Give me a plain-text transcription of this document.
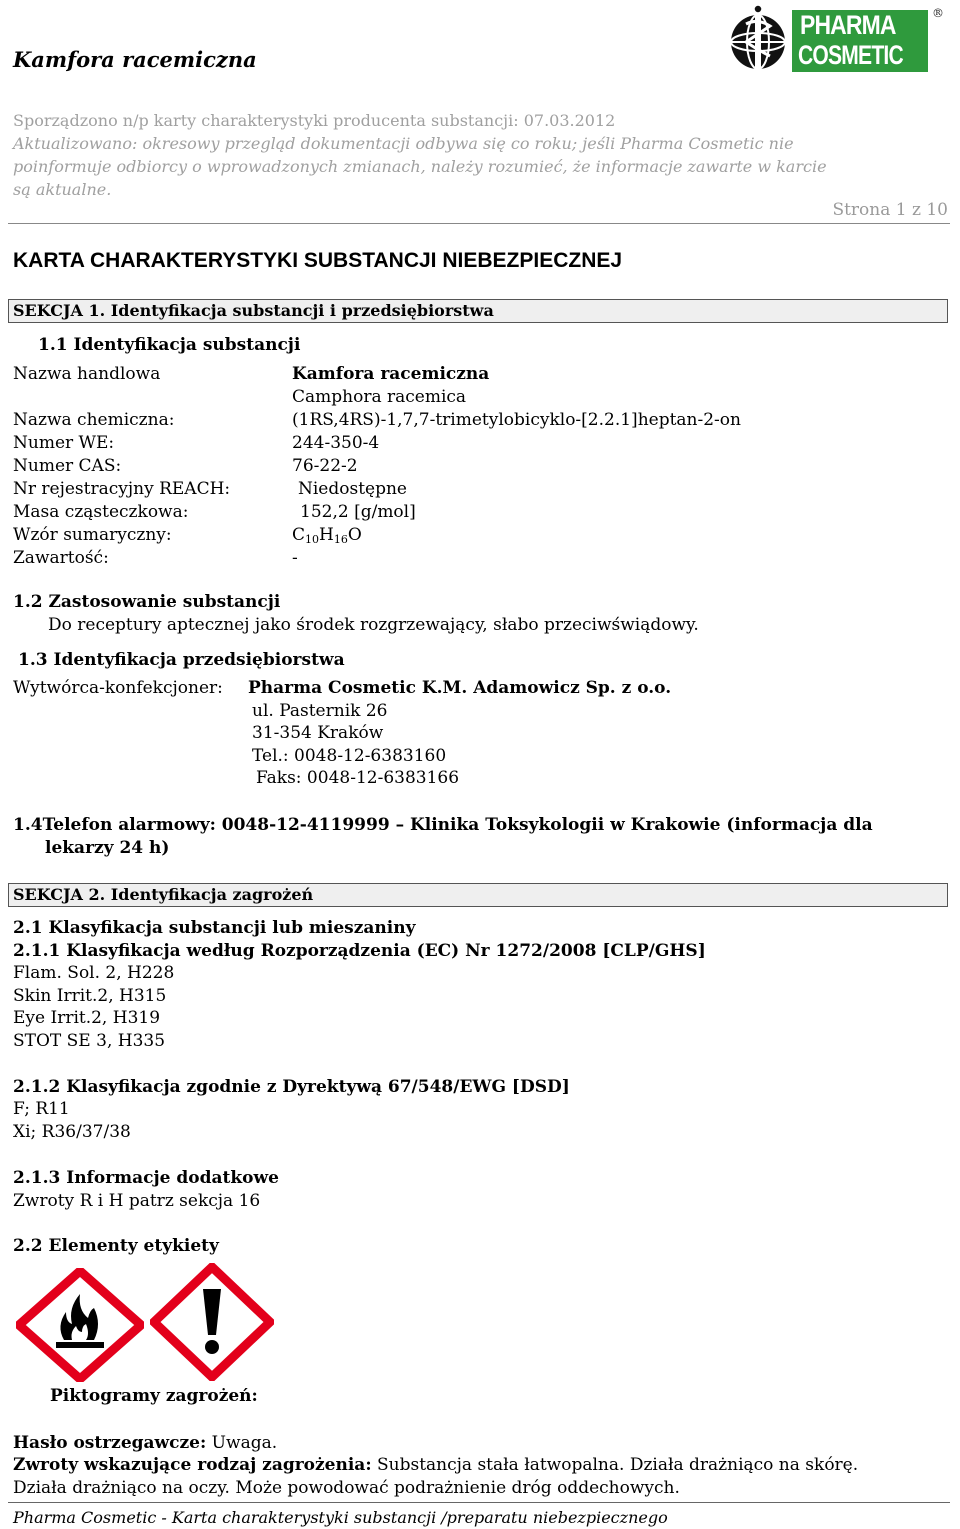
Kamfora racemiczna
PHARMA
COSMETIC
®
Sporządzono n/p karty charakterystyki producenta substancji: 07.03.2012
Aktualizowano: okresowy przegląd dokumentacji odbywa się co roku; jeśli Pharma Cosmetic nie
poinformuje odbiorcy o wprowadzonych zmianach, należy rozumieć, że informacje zawarte w karcie
są aktualne.
Strona 1 z 10
KARTA CHARAKTERYSTYKI SUBSTANCJI NIEBEZPIECZNEJ
SEKCJA 1. Identyfikacja substancji i przedsiębiorstwa
1.1 Identyfikacja substancji
Nazwa handlowa	Kamfora racemiczna
Camphora racemica
Nazwa chemiczna:	(1RS,4RS)-1,7,7-trimetylobicyklo-[2.2.1]heptan-2-on
Numer WE:	244-350-4
Numer CAS:	76-22-2
Nr rejestracyjny REACH:	Niedostępne
Masa cząsteczkowa:	152,2 [g/mol]
Wzór sumaryczny:	C10H16O
Zawartość:	-
1.2 Zastosowanie substancji
Do receptury aptecznej jako środek rozgrzewający, słabo przeciwświądowy.
1.3 Identyfikacja przedsiębiorstwa
Wytwórca-konfekcjoner: Pharma Cosmetic K.M. Adamowicz Sp. z o.o.
ul. Pasternik 26
31-354 Kraków
Tel.: 0048-12-6383160
Faks: 0048-12-6383166
1.4Telefon alarmowy: 0048-12-4119999 – Klinika Toksykologii w Krakowie (informacja dla
lekarzy 24 h)
SEKCJA 2. Identyfikacja zagrożeń
2.1 Klasyfikacja substancji lub mieszaniny
2.1.1 Klasyfikacja według Rozporządzenia (EC) Nr 1272/2008 [CLP/GHS]
Flam. Sol. 2, H228
Skin Irrit.2, H315
Eye Irrit.2, H319
STOT SE 3, H335
2.1.2 Klasyfikacja zgodnie z Dyrektywą 67/548/EWG [DSD]
F; R11
Xi; R36/37/38
2.1.3 Informacje dodatkowe
Zwroty R i H patrz sekcja 16
2.2 Elementy etykiety
Piktogramy zagrożeń:
Hasło ostrzegawcze: Uwaga.
Zwroty wskazujące rodzaj zagrożenia: Substancja stała łatwopalna. Działa drażniąco na skórę.
Działa drażniąco na oczy. Może powodować podrażnienie dróg oddechowych.
Pharma Cosmetic - Karta charakterystyki substancji /preparatu niebezpiecznego
